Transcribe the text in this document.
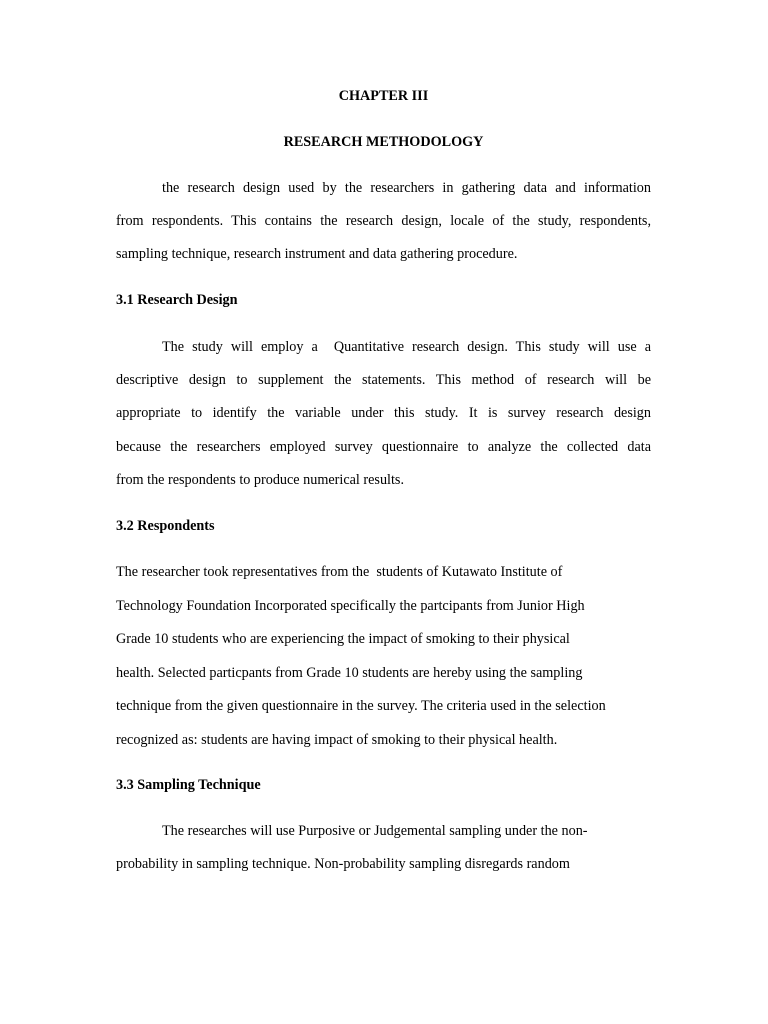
CHAPTER III
RESEARCH METHODOLOGY
the research design used by the researchers in gathering data and information
from respondents. This contains the research design, locale of the study, respondents,
sampling technique, research instrument and data gathering procedure.
3.1 Research Design
The study will employ a  Quantitative research design. This study will use a
descriptive design to supplement the statements. This method of research will be
appropriate to identify the variable under this study. It is survey research design
because the researchers employed survey questionnaire to analyze the collected data
from the respondents to produce numerical results.
3.2 Respondents
The researcher took representatives from the  students of Kutawato Institute of
Technology Foundation Incorporated specifically the partcipants from Junior High
Grade 10 students who are experiencing the impact of smoking to their physical
health. Selected particpants from Grade 10 students are hereby using the sampling
technique from the given questionnaire in the survey. The criteria used in the selection
recognized as: students are having impact of smoking to their physical health.
3.3 Sampling Technique
The researches will use Purposive or Judgemental sampling under the non-
probability in sampling technique. Non-probability sampling disregards random
